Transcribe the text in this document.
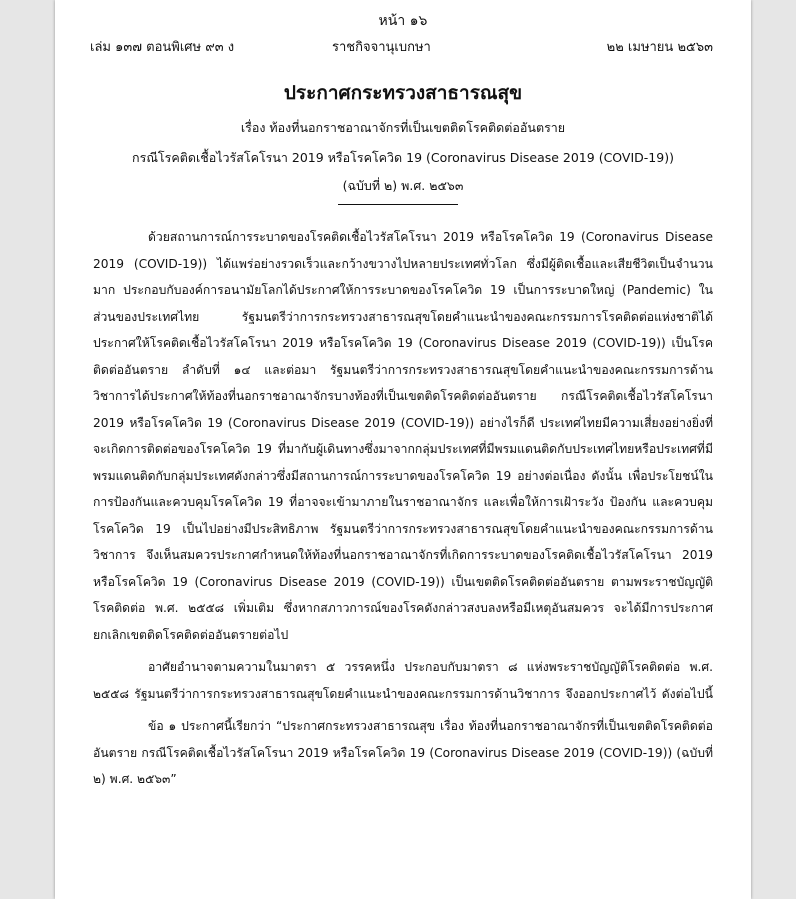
หน้า ๑๖
เล่ม ๑๓๗ ตอนพิเศษ ๙๓ ง	ราชกิจจานุเบกษา	๒๒ เมษายน ๒๕๖๓
ประกาศกระทรวงสาธารณสุข
เรื่อง ท้องที่นอกราชอาณาจักรที่เป็นเขตติดโรคติดต่ออันตราย
กรณีโรคติดเชื้อไวรัสโคโรนา 2019 หรือโรคโควิด 19 (Coronavirus Disease 2019 (COVID-19))
(ฉบับที่ ๒) พ.ศ. ๒๕๖๓

ด้วยสถานการณ์การระบาดของโรคติดเชื้อไวรัสโคโรนา 2019 หรือโรคโควิด 19 (Coronavirus Disease 2019 (COVID-19)) ได้แพร่อย่างรวดเร็วและกว้างขวางไปหลายประเทศทั่วโลก ซึ่งมีผู้ติดเชื้อและเสียชีวิตเป็นจำนวนมาก ประกอบกับองค์การอนามัยโลกได้ประกาศให้การระบาดของโรคโควิด 19 เป็นการระบาดใหญ่ (Pandemic) ในส่วนของประเทศไทย รัฐมนตรีว่าการกระทรวงสาธารณสุขโดยคำแนะนำของคณะกรรมการโรคติดต่อแห่งชาติได้ประกาศให้โรคติดเชื้อไวรัสโคโรนา 2019 หรือโรคโควิด 19 (Coronavirus Disease 2019 (COVID-19)) เป็นโรคติดต่ออันตราย ลำดับที่ ๑๔ และต่อมา รัฐมนตรีว่าการกระทรวงสาธารณสุขโดยคำแนะนำของคณะกรรมการด้านวิชาการได้ประกาศให้ท้องที่นอกราชอาณาจักรบางท้องที่เป็นเขตติดโรคติดต่ออันตราย กรณีโรคติดเชื้อไวรัสโคโรนา 2019 หรือโรคโควิด 19 (Coronavirus Disease 2019 (COVID-19)) อย่างไรก็ดี ประเทศไทยมีความเสี่ยงอย่างยิ่งที่จะเกิดการติดต่อของโรคโควิด 19 ที่มากับผู้เดินทางซึ่งมาจากกลุ่มประเทศที่มีพรมแดนติดกับประเทศไทยหรือประเทศที่มีพรมแดนติดกับกลุ่มประเทศดังกล่าวซึ่งมีสถานการณ์การระบาดของโรคโควิด 19 อย่างต่อเนื่อง ดังนั้น เพื่อประโยชน์ในการป้องกันและควบคุมโรคโควิด 19 ที่อาจจะเข้ามาภายในราชอาณาจักร และเพื่อให้การเฝ้าระวัง ป้องกัน และควบคุมโรคโควิด 19 เป็นไปอย่างมีประสิทธิภาพ รัฐมนตรีว่าการกระทรวงสาธารณสุขโดยคำแนะนำของคณะกรรมการด้านวิชาการ จึงเห็นสมควรประกาศกำหนดให้ท้องที่นอกราชอาณาจักรที่เกิดการระบาดของโรคติดเชื้อไวรัสโคโรนา 2019 หรือโรคโควิด 19 (Coronavirus Disease 2019 (COVID-19)) เป็นเขตติดโรคติดต่ออันตราย ตามพระราชบัญญัติโรคติดต่อ พ.ศ. ๒๕๕๘ เพิ่มเติม ซึ่งหากสภาวการณ์ของโรคดังกล่าวสงบลงหรือมีเหตุอันสมควร จะได้มีการประกาศยกเลิกเขตติดโรคติดต่ออันตรายต่อไป

อาศัยอำนาจตามความในมาตรา ๕ วรรคหนึ่ง ประกอบกับมาตรา ๘ แห่งพระราชบัญญัติโรคติดต่อ พ.ศ. ๒๕๕๘ รัฐมนตรีว่าการกระทรวงสาธารณสุขโดยคำแนะนำของคณะกรรมการด้านวิชาการ จึงออกประกาศไว้ ดังต่อไปนี้

ข้อ ๑ ประกาศนี้เรียกว่า “ประกาศกระทรวงสาธารณสุข เรื่อง ท้องที่นอกราชอาณาจักรที่เป็นเขตติดโรคติดต่ออันตราย กรณีโรคติดเชื้อไวรัสโคโรนา 2019 หรือโรคโควิด 19 (Coronavirus Disease 2019 (COVID-19)) (ฉบับที่ ๒) พ.ศ. ๒๕๖๓”
